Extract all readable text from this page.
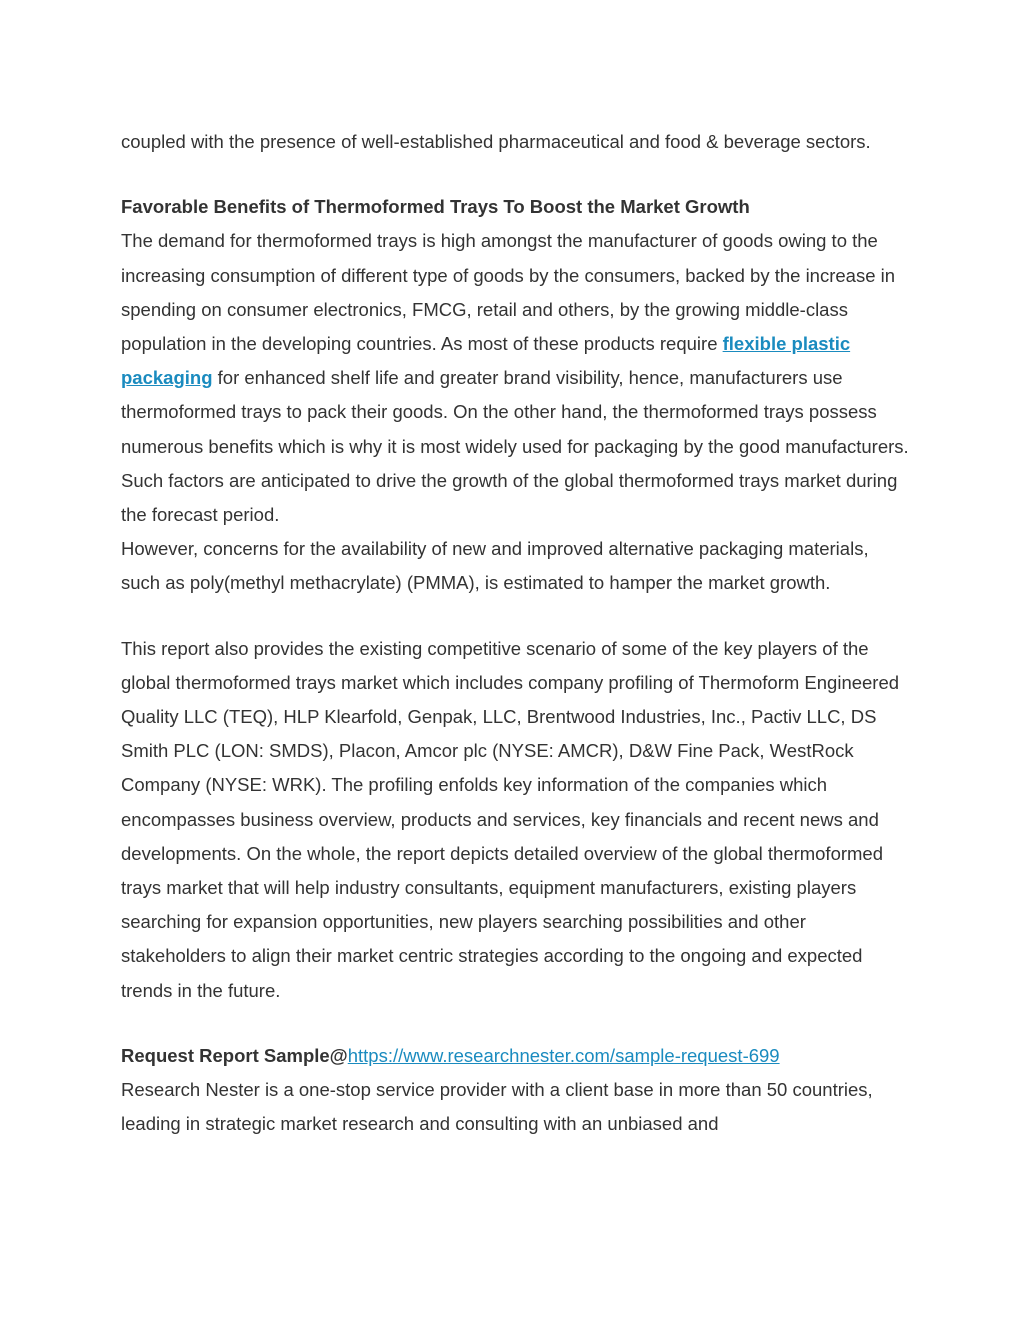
coupled with the presence of well-established pharmaceutical and food & beverage sectors.

Favorable Benefits of Thermoformed Trays To Boost the Market Growth

The demand for thermoformed trays is high amongst the manufacturer of goods owing to the increasing consumption of different type of goods by the consumers, backed by the increase in spending on consumer electronics, FMCG, retail and others, by the growing middle-class population in the developing countries. As most of these products require flexible plastic packaging for enhanced shelf life and greater brand visibility, hence, manufacturers use thermoformed trays to pack their goods. On the other hand, the thermoformed trays possess numerous benefits which is why it is most widely used for packaging by the good manufacturers. Such factors are anticipated to drive the growth of the global thermoformed trays market during the forecast period.

However, concerns for the availability of new and improved alternative packaging materials, such as poly(methyl methacrylate) (PMMA), is estimated to hamper the market growth.

This report also provides the existing competitive scenario of some of the key players of the global thermoformed trays market which includes company profiling of Thermoform Engineered Quality LLC (TEQ), HLP Klearfold, Genpak, LLC, Brentwood Industries, Inc., Pactiv LLC, DS Smith PLC (LON: SMDS), Placon, Amcor plc (NYSE: AMCR), D&W Fine Pack, WestRock Company (NYSE: WRK). The profiling enfolds key information of the companies which encompasses business overview, products and services, key financials and recent news and developments. On the whole, the report depicts detailed overview of the global thermoformed trays market that will help industry consultants, equipment manufacturers, existing players searching for expansion opportunities, new players searching possibilities and other stakeholders to align their market centric strategies according to the ongoing and expected trends in the future.

Request Report Sample@https://www.researchnester.com/sample-request-699

Research Nester is a one-stop service provider with a client base in more than 50 countries, leading in strategic market research and consulting with an unbiased and
